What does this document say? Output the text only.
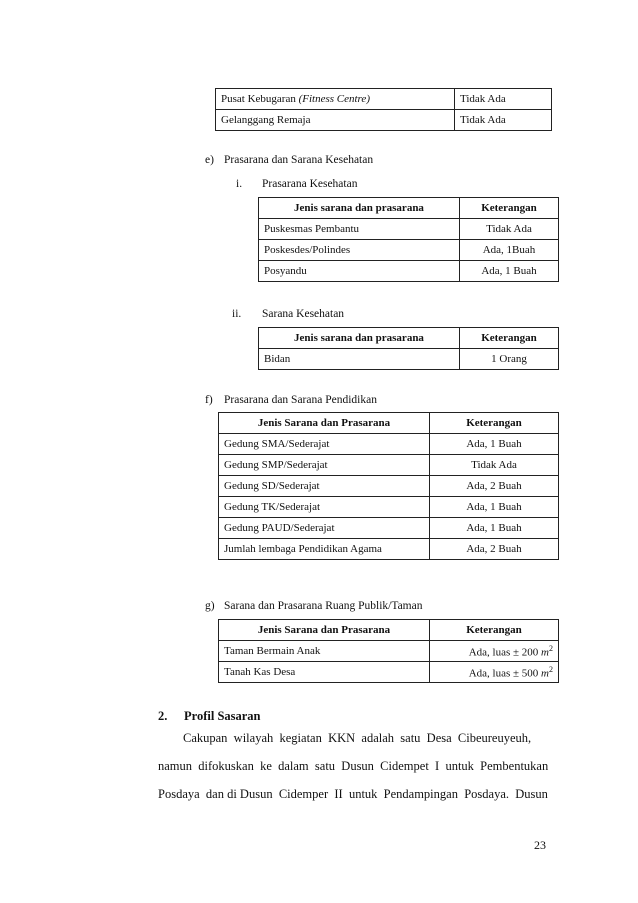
Pusat Kebugaran (Fitness Centre)	Tidak Ada
Gelanggang Remaja	Tidak Ada
e) Prasarana dan Sarana Kesehatan
i. Prasarana Kesehatan
Jenis sarana dan prasarana	Keterangan
Puskesmas Pembantu	Tidak Ada
Poskesdes/Polindes	Ada, 1Buah
Posyandu	Ada, 1 Buah
ii. Sarana Kesehatan
Jenis sarana dan prasarana	Keterangan
Bidan	1 Orang
f) Prasarana dan Sarana Pendidikan
Jenis Sarana dan Prasarana	Keterangan
Gedung SMA/Sederajat	Ada, 1 Buah
Gedung SMP/Sederajat	Tidak Ada
Gedung SD/Sederajat	Ada, 2 Buah
Gedung TK/Sederajat	Ada, 1 Buah
Gedung PAUD/Sederajat	Ada, 1 Buah
Jumlah lembaga Pendidikan Agama	Ada, 2 Buah
g) Sarana dan Prasarana Ruang Publik/Taman
Jenis Sarana dan Prasarana	Keterangan
Taman Bermain Anak	Ada, luas ± 200 $m^2$
Tanah Kas Desa	Ada, luas ± 500 $m^2$
2. Profil Sasaran
Cakupan  wilayah  kegiatan  KKN  adalah  satu  Desa  Cibeureuyeuh,
namun  difokuskan  ke  dalam  satu  Dusun  Cidempet  I  untuk  Pembentukan
Posdaya  dan di Dusun  Cidemper  II  untuk  Pendampingan  Posdaya.  Dusun
23
